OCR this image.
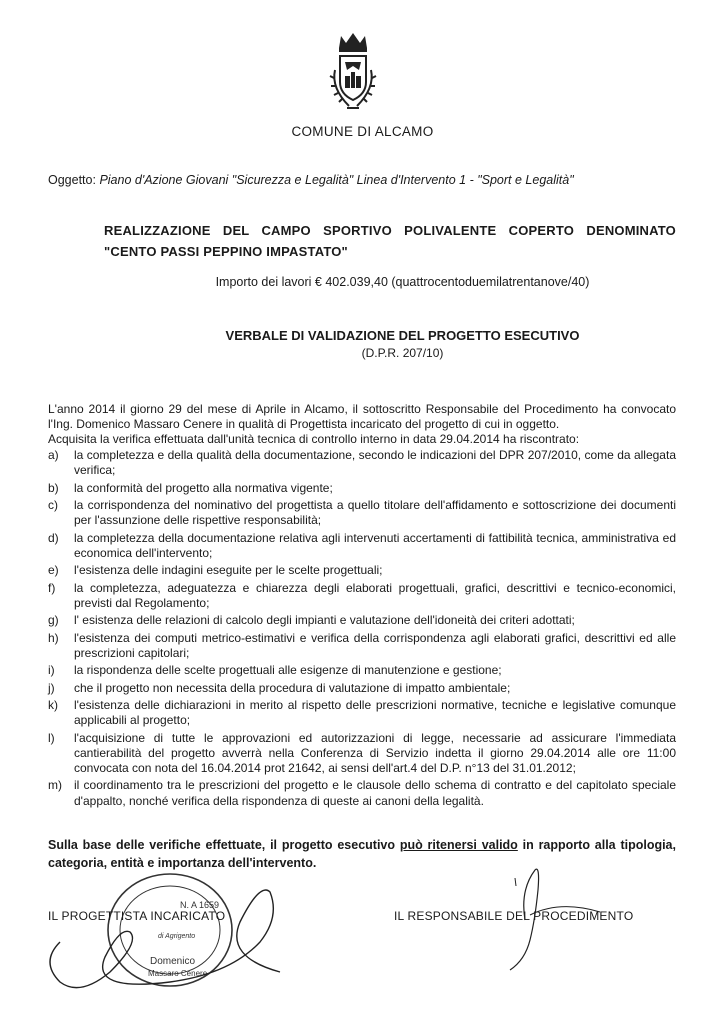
COMUNE DI ALCAMO
Oggetto: Piano d'Azione Giovani "Sicurezza e Legalità" Linea d'Intervento 1 - "Sport e Legalità"
REALIZZAZIONE DEL CAMPO SPORTIVO POLIVALENTE COPERTO DENOMINATO "CENTO PASSI PEPPINO IMPASTATO"
Importo dei lavori € 402.039,40 (quattrocentoduemilatrentanove/40)
VERBALE DI VALIDAZIONE DEL PROGETTO ESECUTIVO
(D.P.R. 207/10)

L'anno 2014 il giorno 29 del mese di Aprile in Alcamo, il sottoscritto Responsabile del Procedimento ha convocato l'Ing. Domenico Massaro Cenere in qualità di Progettista incaricato del progetto di cui in oggetto.

Acquisita la verifica effettuata dall'unità tecnica di controllo interno in data 29.04.2014 ha riscontrato:

a)	la completezza e della qualità della documentazione, secondo le indicazioni del DPR 207/2010, come da allegata verifica;
b)	la conformità del progetto alla normativa vigente;
c)	la corrispondenza del nominativo del progettista a quello titolare dell'affidamento e sottoscrizione dei documenti per l'assunzione delle rispettive responsabilità;
d)	la completezza della documentazione relativa agli intervenuti accertamenti di fattibilità tecnica, amministrativa ed economica dell'intervento;
e)	l'esistenza delle indagini eseguite per le scelte progettuali;
f)	la completezza, adeguatezza e chiarezza degli elaborati progettuali, grafici, descrittivi e tecnico-economici, previsti dal Regolamento;
g)	l' esistenza delle relazioni di calcolo degli impianti e valutazione dell'idoneità dei criteri adottati;
h)	l'esistenza dei computi metrico-estimativi e verifica della corrispondenza agli elaborati grafici, descrittivi ed alle prescrizioni capitolari;
i)	la rispondenza delle scelte progettuali alle esigenze di manutenzione e gestione;
j)	che il progetto non necessita della procedura di valutazione di impatto ambientale;
k)	l'esistenza delle dichiarazioni in merito al rispetto delle prescrizioni normative, tecniche e legislative comunque applicabili al progetto;
l)	l'acquisizione di tutte le approvazioni ed autorizzazioni di legge, necessarie ad assicurare l'immediata cantierabilità del progetto avverrà nella Conferenza di Servizio indetta il giorno 29.04.2014 alle ore 11:00 convocata con nota del 16.04.2014 prot 21642, ai sensi dell'art.4 del D.P. n°13 del 31.01.2012;
m)	il coordinamento tra le prescrizioni del progetto e le clausole dello schema di contratto e del capitolato speciale d'appalto, nonché verifica della rispondenza di queste ai canoni della legalità.
Sulla base delle verifiche effettuate, il progetto esecutivo può ritenersi valido in rapporto alla tipologia, categoria, entità e importanza dell'intervento.
N. A 1659
di Agrigento
Domenico
Massaro Cenere
IL PROGETTISTA INCARICATO	IL RESPONSABILE DEL PROCEDIMENTO
